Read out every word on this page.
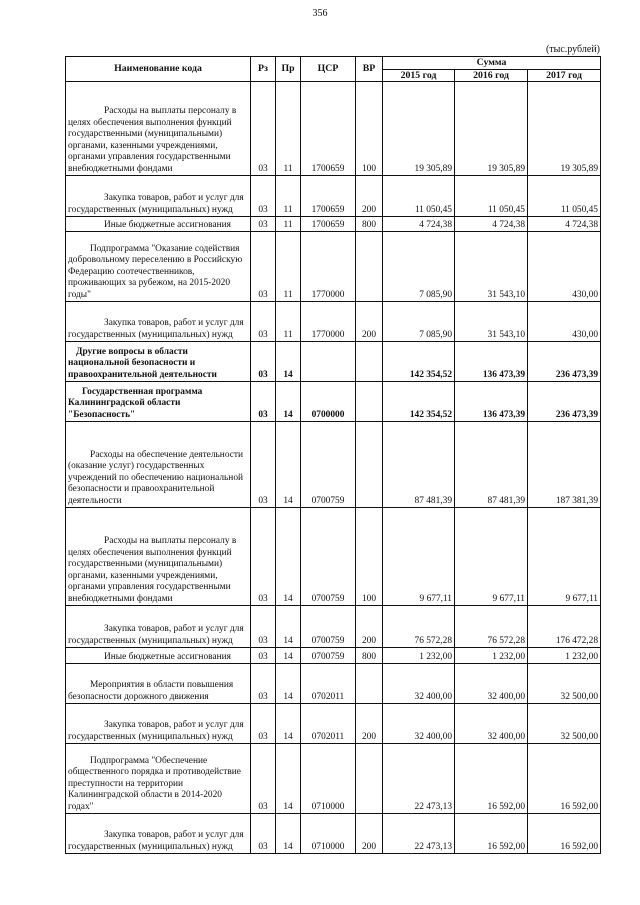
356
(тыс.рублей)
Наименование кода	Рз	Пр	ЦСР	ВР	Сумма		
					2015 год	2016 год	2017 год
Расходы на выплаты персоналу в целях обеспечения выполнения функций государственными (муниципальными) органами, казенными учреждениями, органами управления государственными внебюджетными фондами	03	11	1700659	100	19 305,89	19 305,89	19 305,89
Закупка товаров, работ и услуг для государственных (муниципальных) нужд	03	11	1700659	200	11 050,45	11 050,45	11 050,45
Иные бюджетные ассигнования	03	11	1700659	800	4 724,38	4 724,38	4 724,38
Подпрограмма "Оказание содействия добровольному переселению в Российскую Федерацию соотечественников, проживающих за рубежом, на 2015-2020 годы"	03	11	1770000		7 085,90	31 543,10	430,00
Закупка товаров, работ и услуг для государственных (муниципальных) нужд	03	11	1770000	200	7 085,90	31 543,10	430,00
Другие вопросы в области национальной безопасности и правоохранительной деятельности	03	14			142 354,52	136 473,39	236 473,39
Государственная программа Калининградской области "Безопасность"	03	14	0700000		142 354,52	136 473,39	236 473,39
Расходы на обеспечение деятельности (оказание услуг) государственных учреждений по обеспечению национальной безопасности и правоохранительной деятельности	03	14	0700759		87 481,39	87 481,39	187 381,39
Расходы на выплаты персоналу в целях обеспечения выполнения функций государственными (муниципальными) органами, казенными учреждениями, органами управления государственными внебюджетными фондами	03	14	0700759	100	9 677,11	9 677,11	9 677,11
Закупка товаров, работ и услуг для государственных (муниципальных) нужд	03	14	0700759	200	76 572,28	76 572,28	176 472,28
Иные бюджетные ассигнования	03	14	0700759	800	1 232,00	1 232,00	1 232,00
Мероприятия в области повышения безопасности дорожного движения	03	14	0702011		32 400,00	32 400,00	32 500,00
Закупка товаров, работ и услуг для государственных (муниципальных) нужд	03	14	0702011	200	32 400,00	32 400,00	32 500,00
Подпрограмма "Обеспечение общественного порядка и противодействие преступности на территории Калининградской области в 2014-2020 годах"	03	14	0710000		22 473,13	16 592,00	16 592,00
Закупка товаров, работ и услуг для государственных (муниципальных) нужд	03	14	0710000	200	22 473,13	16 592,00	16 592,00
